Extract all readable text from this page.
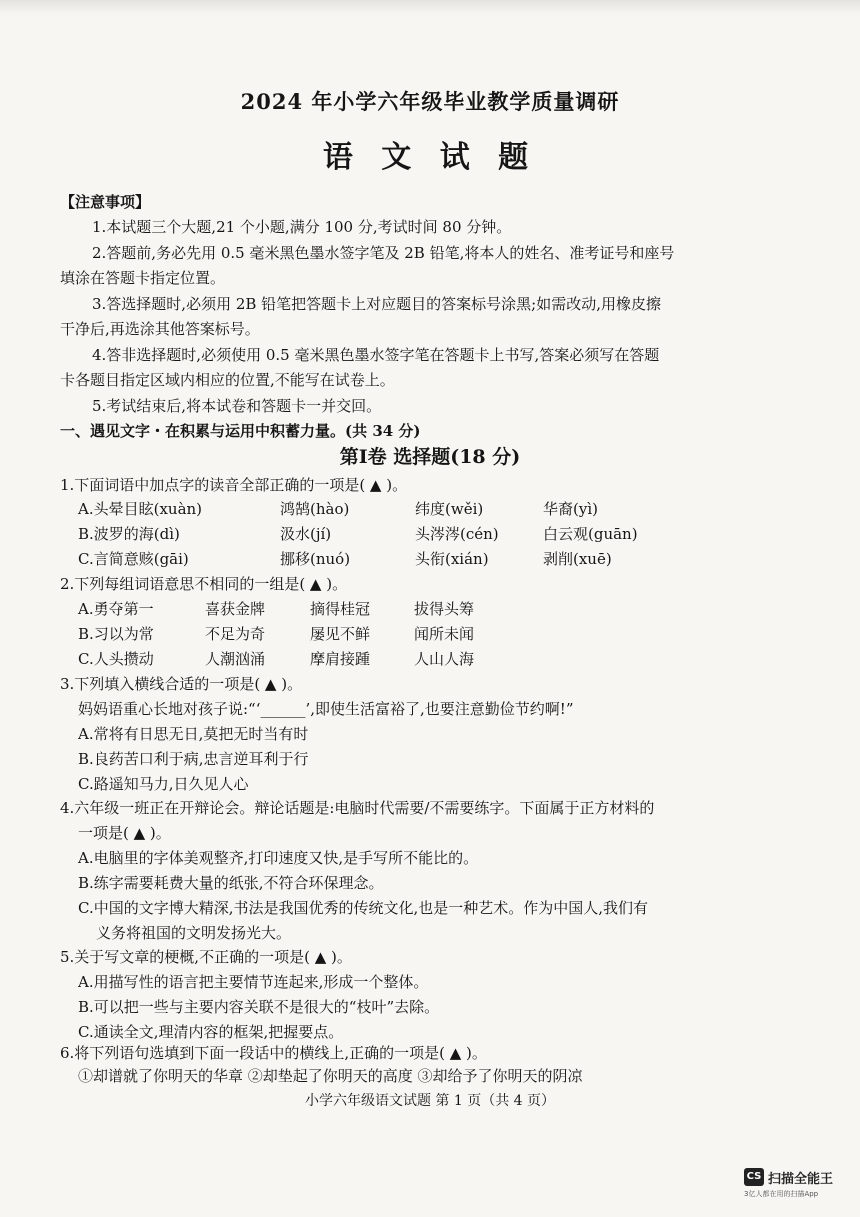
2024 年小学六年级毕业教学质量调研
语 文 试 题
【注意事项】
1.本试题三个大题,21 个小题,满分 100 分,考试时间 80 分钟。
2.答题前,务必先用 0.5 毫米黑色墨水签字笔及 2B 铅笔,将本人的姓名、准考证号和座号
填涂在答题卡指定位置。
3.答选择题时,必须用 2B 铅笔把答题卡上对应题目的答案标号涂黑;如需改动,用橡皮擦
干净后,再选涂其他答案标号。
4.答非选择题时,必须使用 0.5 毫米黑色墨水签字笔在答题卡上书写,答案必须写在答题
卡各题目指定区域内相应的位置,不能写在试卷上。
5.考试结束后,将本试卷和答题卡一并交回。
一、遇见文字・在积累与运用中积蓄力量。(共 34 分)
第Ⅰ卷 选择题(18 分)
1.下面词语中加点字的读音全部正确的一项是( ▲ )。
A.头晕目眩(xuàn)	鸿鹄(hào)	纬度(wěi)	华裔(yì)
B.波罗的海(dì)	汲水(jí)	头涔涔(cén)	白云观(guān)
C.言简意赅(gāi)	挪移(nuó)	头衔(xián)	剥削(xuē)
2.下列每组词语意思不相同的一组是( ▲ )。
A.勇夺第一	喜获金牌	摘得桂冠	拔得头筹
B.习以为常	不足为奇	屡见不鲜	闻所未闻
C.人头攒动	人潮汹涌	摩肩接踵	人山人海
3.下列填入横线合适的一项是( ▲ )。
妈妈语重心长地对孩子说:“‘______’,即使生活富裕了,也要注意勤俭节约啊!”
A.常将有日思无日,莫把无时当有时
B.良药苦口利于病,忠言逆耳利于行
C.路遥知马力,日久见人心
4.六年级一班正在开辩论会。辩论话题是:电脑时代需要/不需要练字。下面属于正方材料的
一项是( ▲ )。
A.电脑里的字体美观整齐,打印速度又快,是手写所不能比的。
B.练字需要耗费大量的纸张,不符合环保理念。
C.中国的文字博大精深,书法是我国优秀的传统文化,也是一种艺术。作为中国人,我们有
义务将祖国的文明发扬光大。
5.关于写文章的梗概,不正确的一项是( ▲ )。
A.用描写性的语言把主要情节连起来,形成一个整体。
B.可以把一些与主要内容关联不是很大的“枝叶”去除。
C.通读全文,理清内容的框架,把握要点。
6.将下列语句选填到下面一段话中的横线上,正确的一项是( ▲ )。
①却谱就了你明天的华章 ②却垫起了你明天的高度 ③却给予了你明天的阴凉
小学六年级语文试题 第 1 页（共 4 页）
CS 扫描全能王
3亿人都在用的扫描App
